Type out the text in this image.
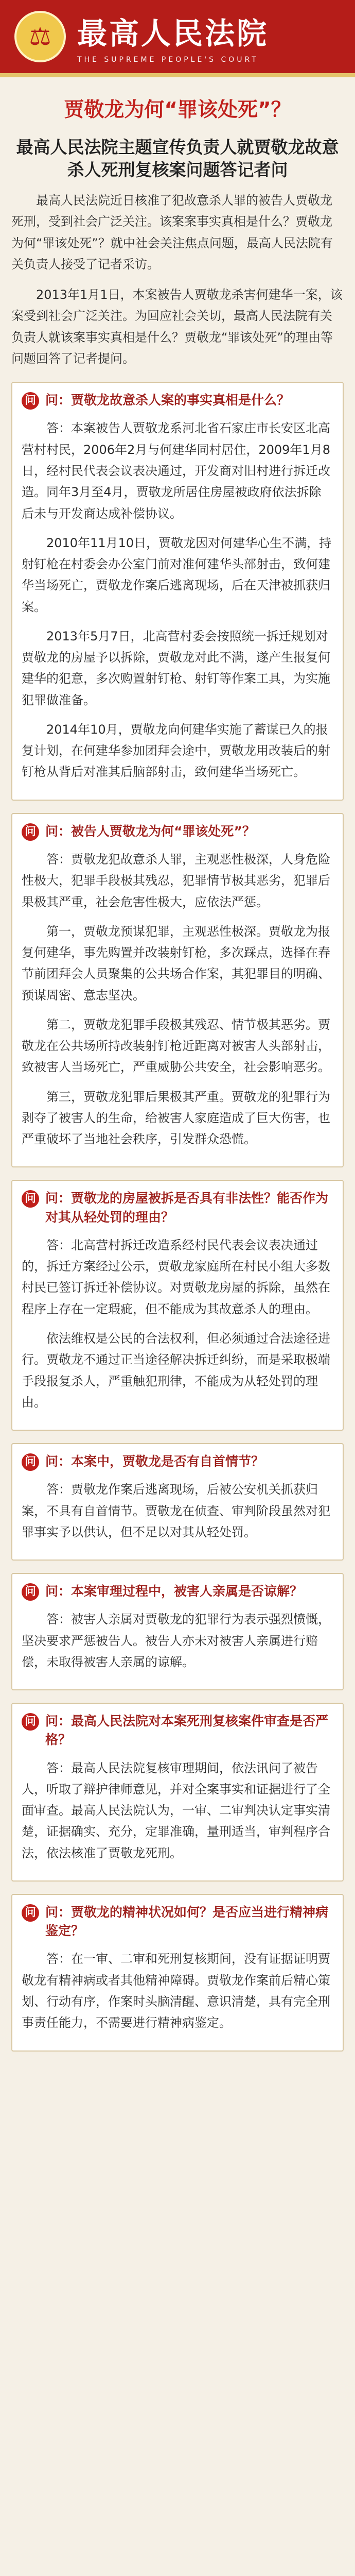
⚖ 最高人民法院
THE SUPREME PEOPLE'S COURT
贾敬龙为何“罪该处死”？
最高人民法院主题宣传负责人就贾敬龙故意杀人死刑复核案问题答记者问

最高人民法院近日核准了犯故意杀人罪的被告人贾敬龙死刑，受到社会广泛关注。该案案事实真相是什么？贾敬龙为何“罪该处死”？就中社会关注焦点问题，最高人民法院有关负责人接受了记者采访。

2013年1月1日，本案被告人贾敬龙杀害何建华一案，该案受到社会广泛关注。为回应社会关切，最高人民法院有关负责人就该案事实真相是什么？贾敬龙“罪该处死”的理由等问题回答了记者提问。

问 问：贾敬龙故意杀人案的事实真相是什么？

答：本案被告人贾敬龙系河北省石家庄市长安区北高营村村民，2006年2月与何建华同村居住，2009年1月8日，经村民代表会议表决通过，开发商对旧村进行拆迁改造。同年3月至4月，贾敬龙所居住房屋被政府依法拆除后未与开发商达成补偿协议。

2010年11月10日，贾敬龙因对何建华心生不满，持射钉枪在村委会办公室门前对准何建华头部射击，致何建华当场死亡，贾敬龙作案后逃离现场，后在天津被抓获归案。

2013年5月7日，北高营村委会按照统一拆迁规划对贾敬龙的房屋予以拆除，贾敬龙对此不满，遂产生报复何建华的犯意，多次购置射钉枪、射钉等作案工具，为实施犯罪做准备。

2014年10月，贾敬龙向何建华实施了蓄谋已久的报复计划，在何建华参加团拜会途中，贾敬龙用改装后的射钉枪从背后对准其后脑部射击，致何建华当场死亡。

问 问：被告人贾敬龙为何“罪该处死”？

答：贾敬龙犯故意杀人罪，主观恶性极深，人身危险性极大，犯罪手段极其残忍，犯罪情节极其恶劣，犯罪后果极其严重，社会危害性极大，应依法严惩。

第一，贾敬龙预谋犯罪，主观恶性极深。贾敬龙为报复何建华，事先购置并改装射钉枪，多次踩点，选择在春节前团拜会人员聚集的公共场合作案，其犯罪目的明确、预谋周密、意志坚决。

第二，贾敬龙犯罪手段极其残忍、情节极其恶劣。贾敬龙在公共场所持改装射钉枪近距离对被害人头部射击，致被害人当场死亡，严重威胁公共安全，社会影响恶劣。

第三，贾敬龙犯罪后果极其严重。贾敬龙的犯罪行为剥夺了被害人的生命，给被害人家庭造成了巨大伤害，也严重破坏了当地社会秩序，引发群众恐慌。

问 问：贾敬龙的房屋被拆是否具有非法性？能否作为对其从轻处罚的理由？

答：北高营村拆迁改造系经村民代表会议表决通过的，拆迁方案经过公示，贾敬龙家庭所在村民小组大多数村民已签订拆迁补偿协议。对贾敬龙房屋的拆除，虽然在程序上存在一定瑕疵，但不能成为其故意杀人的理由。

依法维权是公民的合法权利，但必须通过合法途径进行。贾敬龙不通过正当途径解决拆迁纠纷，而是采取极端手段报复杀人，严重触犯刑律，不能成为从轻处罚的理由。

问 问：本案中，贾敬龙是否有自首情节？

答：贾敬龙作案后逃离现场，后被公安机关抓获归案，不具有自首情节。贾敬龙在侦查、审判阶段虽然对犯罪事实予以供认，但不足以对其从轻处罚。

问 问：本案审理过程中，被害人亲属是否谅解？

答：被害人亲属对贾敬龙的犯罪行为表示强烈愤慨，坚决要求严惩被告人。被告人亦未对被害人亲属进行赔偿，未取得被害人亲属的谅解。

问 问：最高人民法院对本案死刑复核案件审查是否严格？

答：最高人民法院复核审理期间，依法讯问了被告人，听取了辩护律师意见，并对全案事实和证据进行了全面审查。最高人民法院认为，一审、二审判决认定事实清楚，证据确实、充分，定罪准确，量刑适当，审判程序合法，依法核准了贾敬龙死刑。

问 问：贾敬龙的精神状况如何？是否应当进行精神病鉴定？

答：在一审、二审和死刑复核期间，没有证据证明贾敬龙有精神病或者其他精神障碍。贾敬龙作案前后精心策划、行动有序，作案时头脑清醒、意识清楚，具有完全刑事责任能力，不需要进行精神病鉴定。
